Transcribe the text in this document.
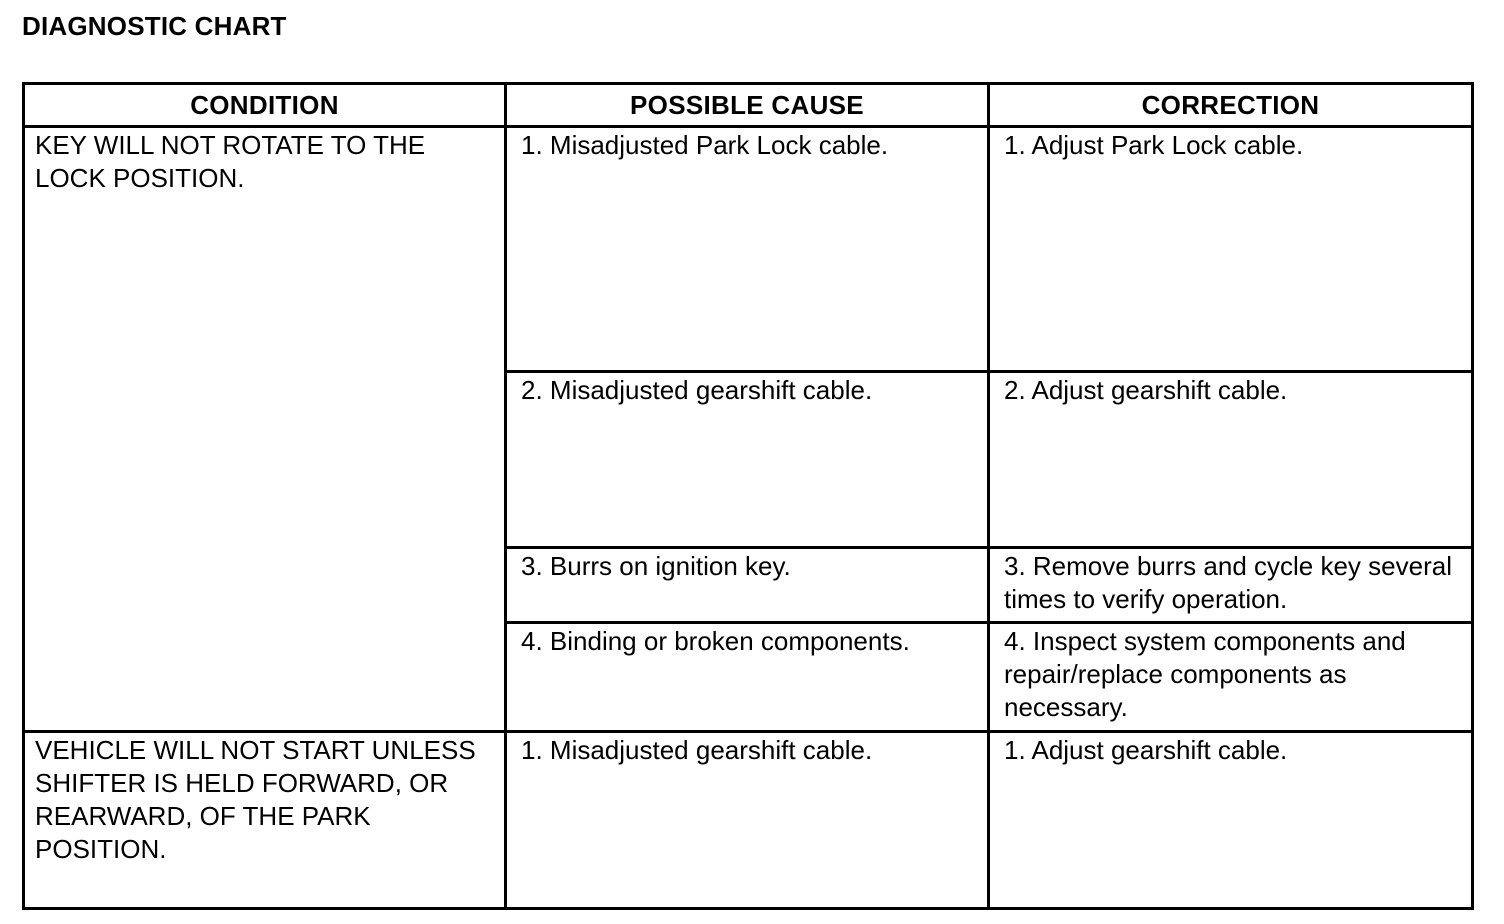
DIAGNOSTIC CHART
CONDITION	POSSIBLE CAUSE	CORRECTION
KEY WILL NOT ROTATE TO THE LOCK POSITION.	1. Misadjusted Park Lock cable.	1. Adjust Park Lock cable.
	2. Misadjusted gearshift cable.	2. Adjust gearshift cable.
	3. Burrs on ignition key.	3. Remove burrs and cycle key several times to verify operation.
	4. Binding or broken components.	4. Inspect system components and repair/replace components as necessary.
VEHICLE WILL NOT START UNLESS SHIFTER IS HELD FORWARD, OR REARWARD, OF THE PARK POSITION.	1. Misadjusted gearshift cable.	1. Adjust gearshift cable.
